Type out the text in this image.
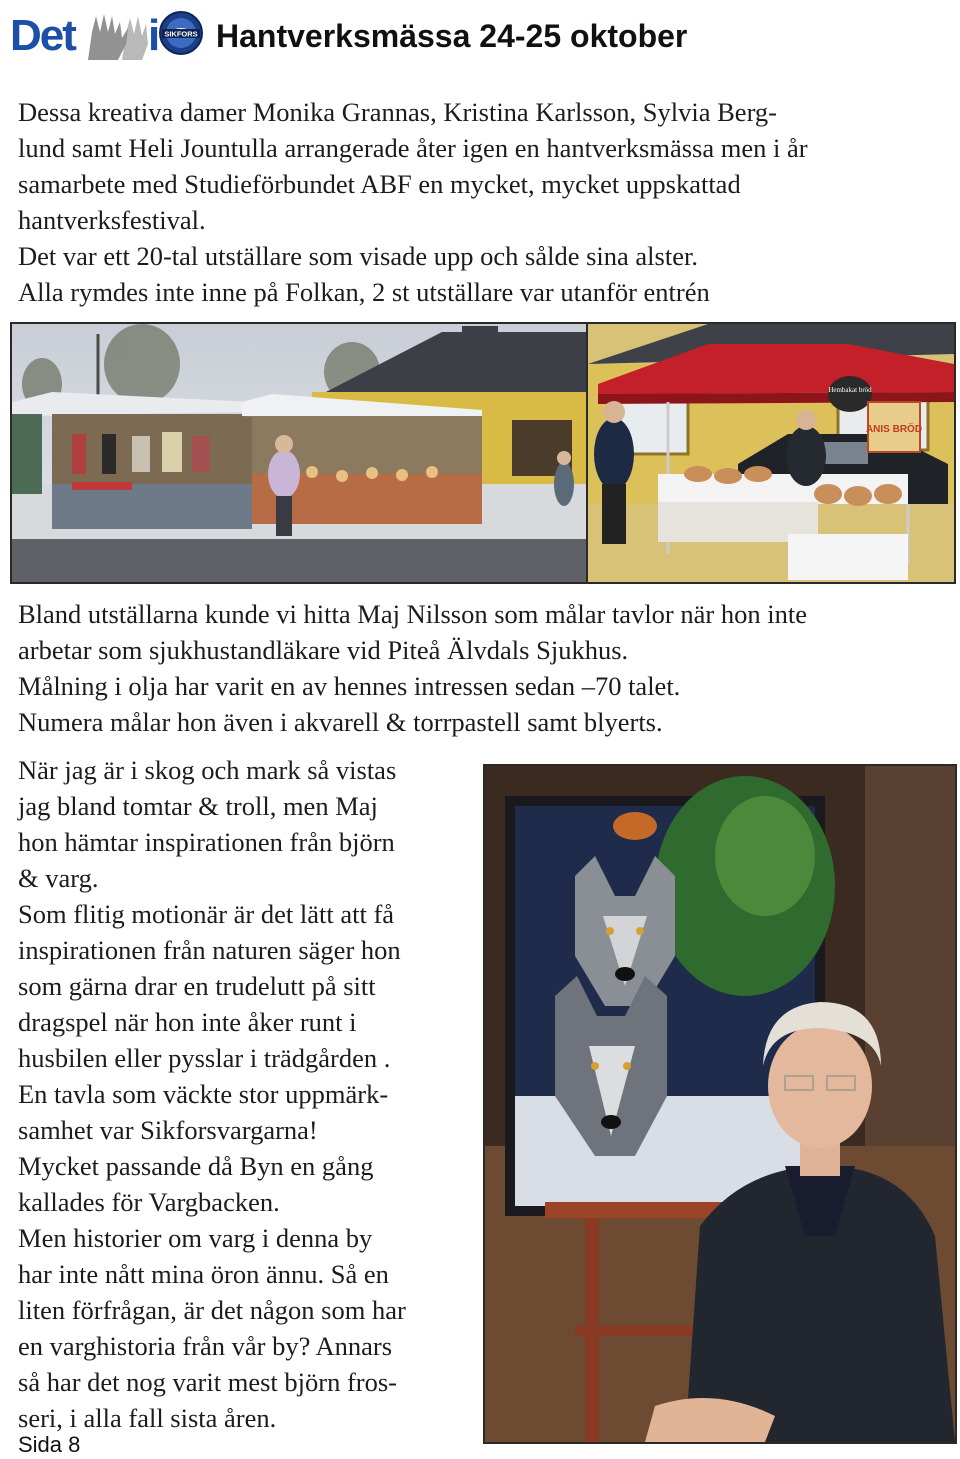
Det i SIKFORS Hantverksmässa 24-25 oktober
Dessa kreativa damer Monika Grannas, Kristina Karlsson, Sylvia Berg-
lund samt Heli Jountulla arrangerade åter igen en hantverksmässa men i år
samarbete med Studieförbundet ABF en mycket, mycket uppskattad
hantverksfestival.
Det var ett 20-tal utställare som visade upp och sålde sina alster.
Alla rymdes inte inne på Folkan, 2 st utställare var utanför entrén
Hembakat bröd
ANIS BRÖD
Bland utställarna kunde vi hitta Maj Nilsson som målar tavlor när hon inte
arbetar som sjukhustandläkare vid Piteå Älvdals Sjukhus.
Målning i olja har varit en av hennes intressen sedan –70 talet.
Numera målar hon även i akvarell & torrpastell samt blyerts.
När jag är i skog och mark så vistas
jag bland tomtar & troll, men Maj
hon hämtar inspirationen från björn
& varg.
Som flitig motionär är det lätt att få
inspirationen från naturen säger hon
som gärna drar en trudelutt på sitt
dragspel när hon inte åker runt i
husbilen eller pysslar i trädgården .
En tavla som väckte stor uppmärk-
samhet var Sikforsvargarna!
Mycket passande då Byn en gång
kallades för Vargbacken.
Men historier om varg i denna by
har inte nått mina öron ännu. Så en
liten förfrågan, är det någon som har
en varghistoria från vår by? Annars
så har det nog varit mest björn fros-
seri, i alla fall sista åren.
Sida 8
